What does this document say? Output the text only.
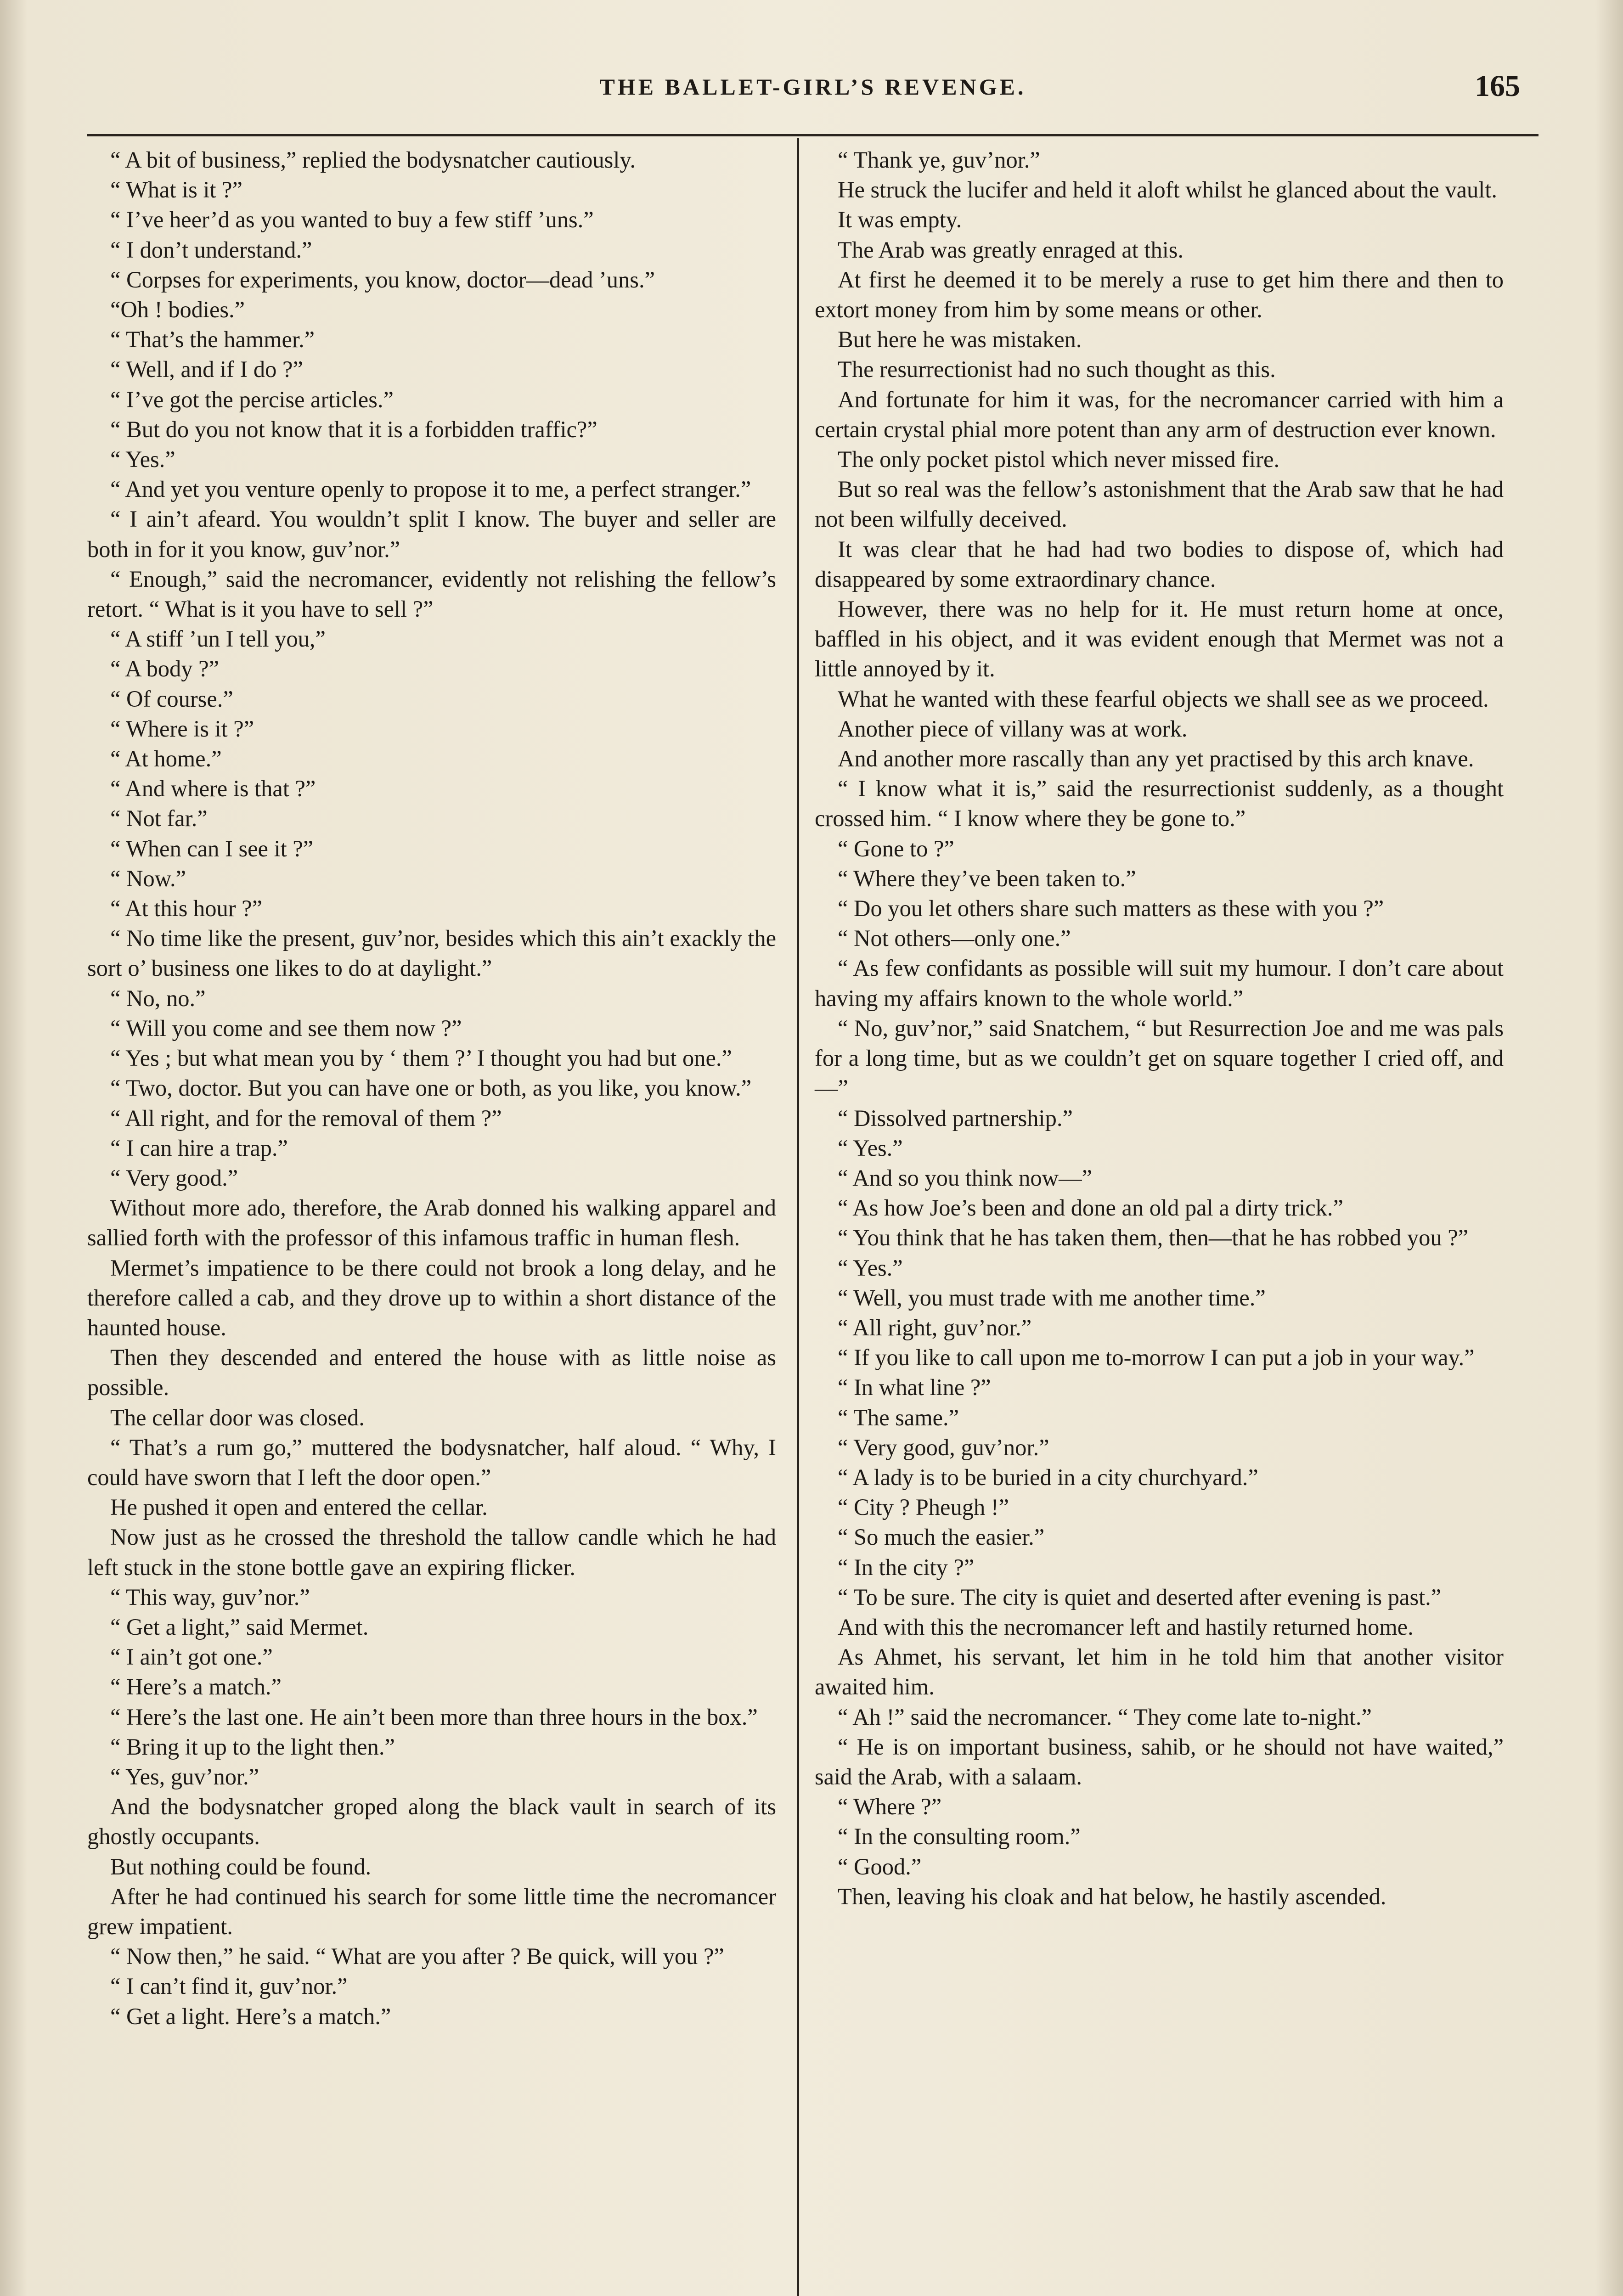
THE BALLET-GIRL’S REVENGE.	165

“ A bit of business,” replied the bodysnatcher cautiously.

“ What is it ?”

“ I’ve heer’d as you wanted to buy a few stiff ’uns.”

“ I don’t understand.”

“ Corpses for experiments, you know, doctor—dead ’uns.”

“Oh ! bodies.”

“ That’s the hammer.”

“ Well, and if I do ?”

“ I’ve got the percise articles.”

“ But do you not know that it is a forbidden traffic?”

“ Yes.”

“ And yet you venture openly to propose it to me, a perfect stranger.”

“ I ain’t afeard. You wouldn’t split I know. The buyer and seller are both in for it you know, guv’nor.”

“ Enough,” said the necromancer, evidently not relishing the fellow’s retort. “ What is it you have to sell ?”

“ A stiff ’un I tell you,”

“ A body ?”

“ Of course.”

“ Where is it ?”

“ At home.”

“ And where is that ?”

“ Not far.”

“ When can I see it ?”

“ Now.”

“ At this hour ?”

“ No time like the present, guv’nor, besides which this ain’t exackly the sort o’ business one likes to do at daylight.”

“ No, no.”

“ Will you come and see them now ?”

“ Yes ; but what mean you by ‘ them ?’ I thought you had but one.”

“ Two, doctor. But you can have one or both, as you like, you know.”

“ All right, and for the removal of them ?”

“ I can hire a trap.”

“ Very good.”

Without more ado, therefore, the Arab donned his walking apparel and sallied forth with the professor of this infamous traffic in human flesh.

Mermet’s impatience to be there could not brook a long delay, and he therefore called a cab, and they drove up to within a short distance of the haunted house.

Then they descended and entered the house with as little noise as possible.

The cellar door was closed.

“ That’s a rum go,” muttered the bodysnatcher, half aloud. “ Why, I could have sworn that I left the door open.”

He pushed it open and entered the cellar.

Now just as he crossed the threshold the tallow candle which he had left stuck in the stone bottle gave an expiring flicker.

“ This way, guv’nor.”

“ Get a light,” said Mermet.

“ I ain’t got one.”

“ Here’s a match.”

“ Here’s the last one. He ain’t been more than three hours in the box.”

“ Bring it up to the light then.”

“ Yes, guv’nor.”

And the bodysnatcher groped along the black vault in search of its ghostly occupants.

But nothing could be found.

After he had continued his search for some little time the necromancer grew impatient.

“ Now then,” he said. “ What are you after ? Be quick, will you ?”

“ I can’t find it, guv’nor.”

“ Get a light. Here’s a match.”

“ Thank ye, guv’nor.”

He struck the lucifer and held it aloft whilst he glanced about the vault.

It was empty.

The Arab was greatly enraged at this.

At first he deemed it to be merely a ruse to get him there and then to extort money from him by some means or other.

But here he was mistaken.

The resurrectionist had no such thought as this.

And fortunate for him it was, for the necromancer carried with him a certain crystal phial more potent than any arm of destruction ever known.

The only pocket pistol which never missed fire.

But so real was the fellow’s astonishment that the Arab saw that he had not been wilfully deceived.

It was clear that he had had two bodies to dispose of, which had disappeared by some extraordinary chance.

However, there was no help for it. He must return home at once, baffled in his object, and it was evident enough that Mermet was not a little annoyed by it.

What he wanted with these fearful objects we shall see as we proceed.

Another piece of villany was at work.

And another more rascally than any yet practised by this arch knave.

“ I know what it is,” said the resurrectionist suddenly, as a thought crossed him. “ I know where they be gone to.”

“ Gone to ?”

“ Where they’ve been taken to.”

“ Do you let others share such matters as these with you ?”

“ Not others—only one.”

“ As few confidants as possible will suit my humour. I don’t care about having my affairs known to the whole world.”

“ No, guv’nor,” said Snatchem, “ but Resurrection Joe and me was pals for a long time, but as we couldn’t get on square together I cried off, and—”

“ Dissolved partnership.”

“ Yes.”

“ And so you think now—”

“ As how Joe’s been and done an old pal a dirty trick.”

“ You think that he has taken them, then—that he has robbed you ?”

“ Yes.”

“ Well, you must trade with me another time.”

“ All right, guv’nor.”

“ If you like to call upon me to-morrow I can put a job in your way.”

“ In what line ?”

“ The same.”

“ Very good, guv’nor.”

“ A lady is to be buried in a city churchyard.”

“ City ? Pheugh !”

“ So much the easier.”

“ In the city ?”

“ To be sure. The city is quiet and deserted after evening is past.”

And with this the necromancer left and hastily returned home.

As Ahmet, his servant, let him in he told him that another visitor awaited him.

“ Ah !” said the necromancer. “ They come late to-night.”

“ He is on important business, sahib, or he should not have waited,” said the Arab, with a salaam.

“ Where ?”

“ In the consulting room.”

“ Good.”

Then, leaving his cloak and hat below, he hastily ascended.
